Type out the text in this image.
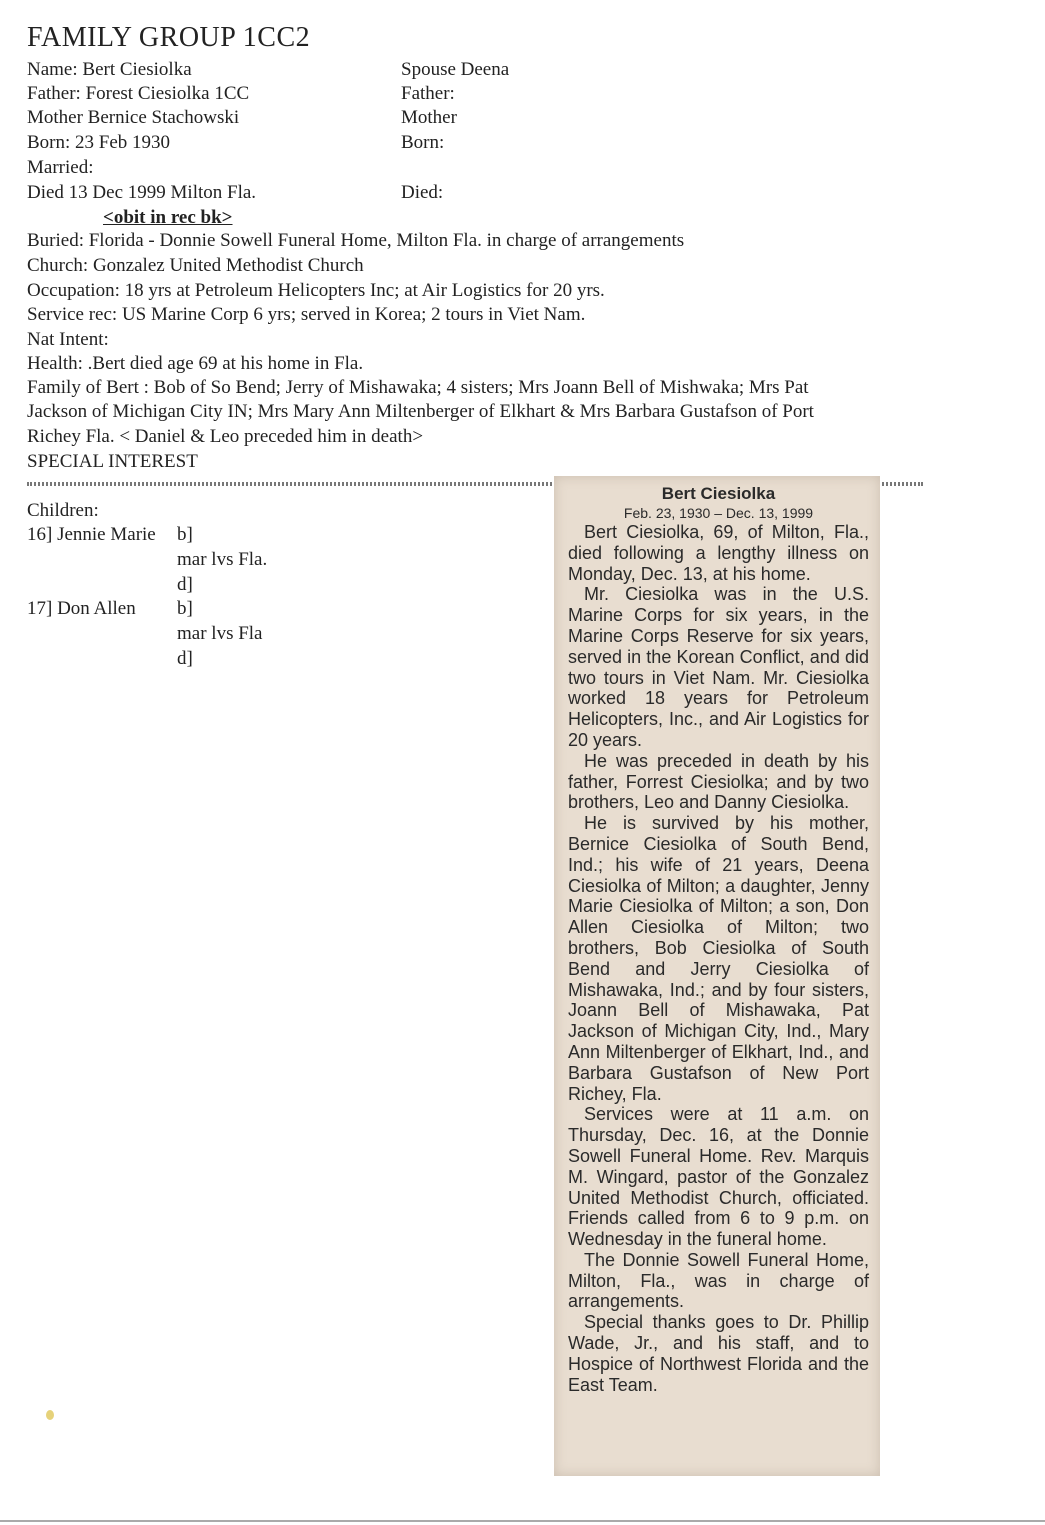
FAMILY GROUP 1CC2
Name: Bert Ciesiolka
Father: Forest Ciesiolka 1CC
Mother Bernice Stachowski
Born: 23 Feb 1930
Married:
Died 13 Dec 1999 Milton Fla.
Spouse Deena
Father:
Mother
Born:
Died:
<obit in rec bk>
Buried: Florida - Donnie Sowell Funeral Home, Milton Fla. in charge of arrangements
Church: Gonzalez United Methodist Church
Occupation: 18 yrs at Petroleum Helicopters Inc; at Air Logistics for 20 yrs.
Service rec: US Marine Corp 6 yrs; served in Korea; 2 tours in Viet Nam.
Nat Intent:
Health: .Bert died age 69 at his home in Fla.
Family of Bert : Bob of So Bend; Jerry of Mishawaka; 4 sisters; Mrs Joann Bell of Mishwaka; Mrs Pat
Jackson of Michigan City IN; Mrs Mary Ann Miltenberger of Elkhart & Mrs Barbara Gustafson of Port
Richey Fla. < Daniel & Leo preceded him in death>
SPECIAL INTEREST
Children:
16] Jennie Marie b]
mar lvs Fla.
d]
17] Don Allen b]
mar lvs Fla
d]
Bert Ciesiolka
Feb. 23, 1930 – Dec. 13, 1999

Bert Ciesiolka, 69, of Milton, Fla., died following a lengthy illness on Monday, Dec. 13, at his home.

Mr. Ciesiolka was in the U.S. Marine Corps for six years, in the Marine Corps Reserve for six years, served in the Korean Conflict, and did two tours in Viet Nam. Mr. Ciesiolka worked 18 years for Petroleum Helicopters, Inc., and Air Logistics for 20 years.

He was preceded in death by his father, Forrest Ciesiolka; and by two brothers, Leo and Danny Ciesiolka.

He is survived by his mother, Bernice Ciesiolka of South Bend, Ind.; his wife of 21 years, Deena Ciesiolka of Milton; a daughter, Jenny Marie Ciesiolka of Milton; a son, Don Allen Ciesiolka of Milton; two brothers, Bob Ciesiolka of South Bend and Jerry Ciesiolka of Mishawaka, Ind.; and by four sisters, Joann Bell of Mishawaka, Pat Jackson of Michigan City, Ind., Mary Ann Miltenberger of Elkhart, Ind., and Barbara Gustafson of New Port Richey, Fla.

Services were at 11 a.m. on Thursday, Dec. 16, at the Donnie Sowell Funeral Home. Rev. Marquis M. Wingard, pastor of the Gonzalez United Methodist Church, officiated. Friends called from 6 to 9 p.m. on Wednesday in the funeral home.

The Donnie Sowell Funeral Home, Milton, Fla., was in charge of arrangements.

Special thanks goes to Dr. Phillip Wade, Jr., and his staff, and to Hospice of Northwest Florida and the East Team.
